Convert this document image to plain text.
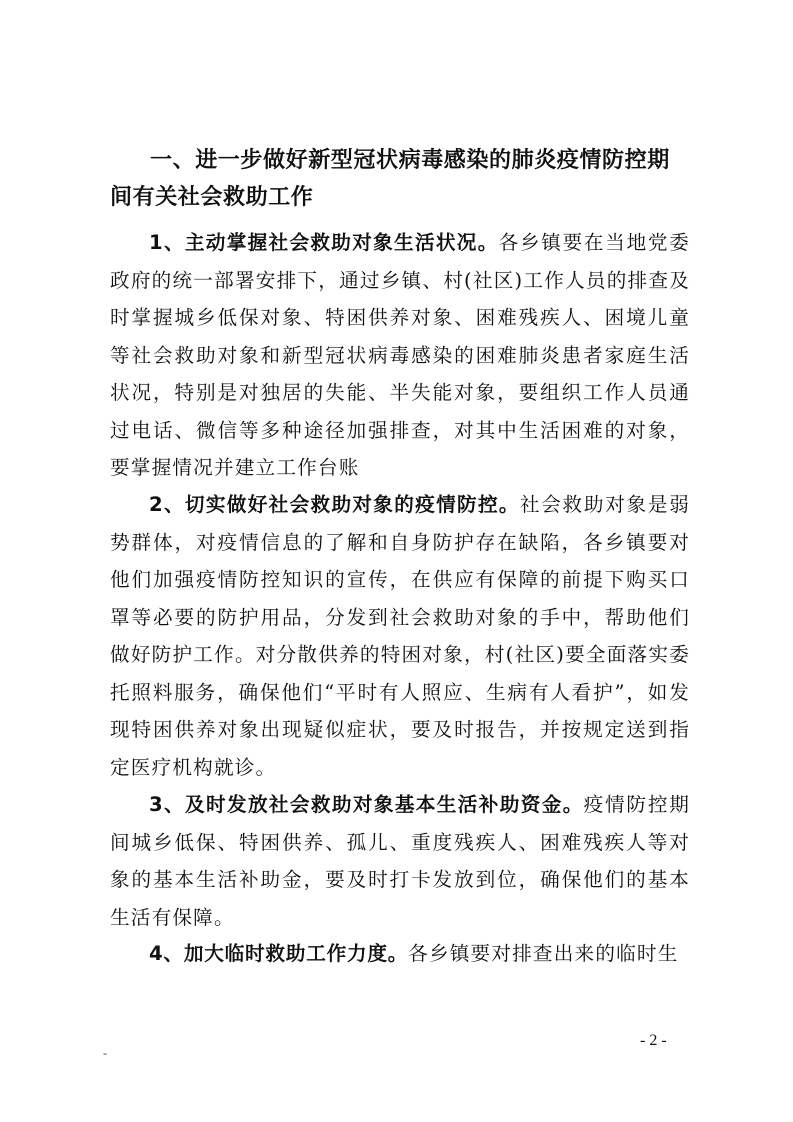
一、进一步做好新型冠状病毒感染的肺炎疫情防控期间有关社会救助工作

1、主动掌握社会救助对象生活状况。各乡镇要在当地党委政府的统一部署安排下，通过乡镇、村(社区)工作人员的排查及时掌握城乡低保对象、特困供养对象、困难残疾人、困境儿童等社会救助对象和新型冠状病毒感染的困难肺炎患者家庭生活状况，特别是对独居的失能、半失能对象，要组织工作人员通过电话、微信等多种途径加强排查，对其中生活困难的对象，要掌握情况并建立工作台账

2、切实做好社会救助对象的疫情防控。社会救助对象是弱势群体，对疫情信息的了解和自身防护存在缺陷，各乡镇要对他们加强疫情防控知识的宣传，在供应有保障的前提下购买口罩等必要的防护用品，分发到社会救助对象的手中，帮助他们做好防护工作。对分散供养的特困对象，村(社区)要全面落实委托照料服务，确保他们“平时有人照应、生病有人看护”，如发现特困供养对象出现疑似症状，要及时报告，并按规定送到指定医疗机构就诊。

3、及时发放社会救助对象基本生活补助资金。疫情防控期间城乡低保、特困供养、孤儿、重度残疾人、困难残疾人等对象的基本生活补助金，要及时打卡发放到位，确保他们的基本生活有保障。

4、加大临时救助工作力度。各乡镇要对排查出来的临时生

- 2 -
-
